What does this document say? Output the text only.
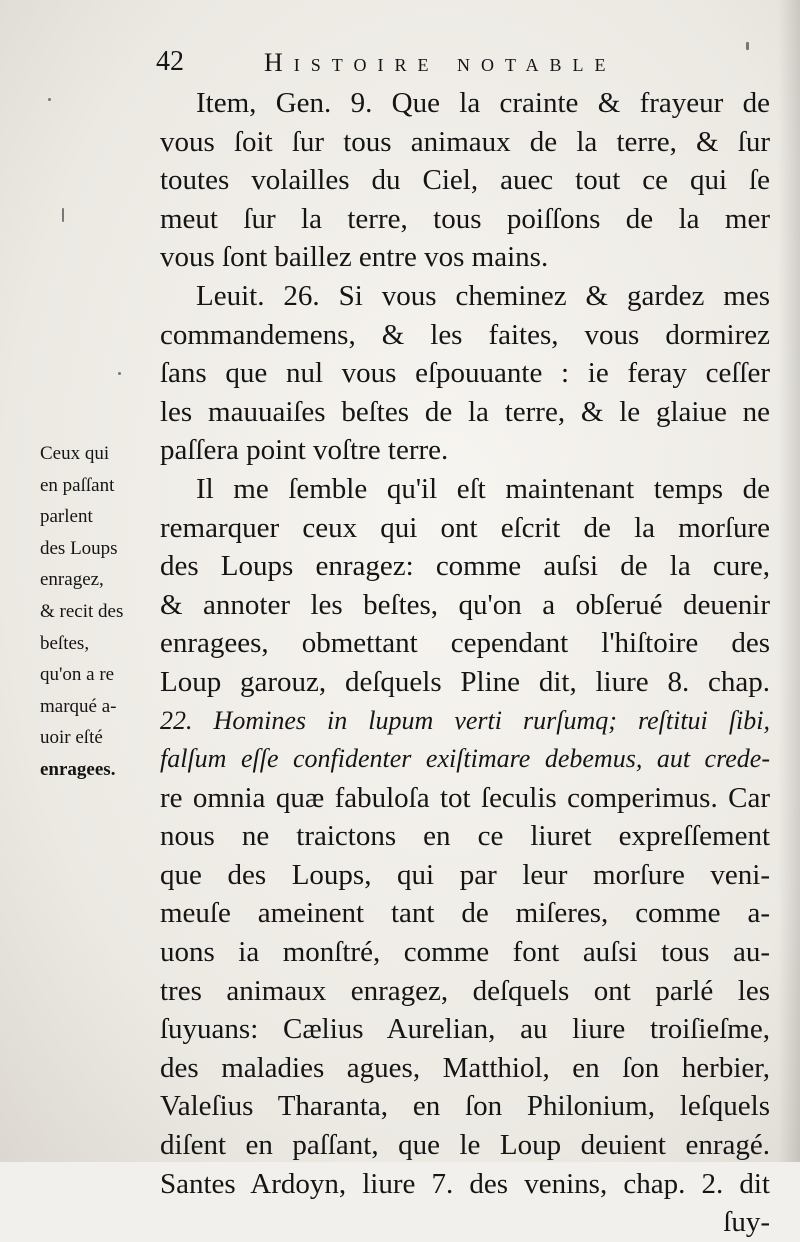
42	Histoire notable
Ceux qui
en paſſant
parlent
des Loups
enragez,
& recit des
beſtes,
qu'on a re
marqué a-
uoir eſté
enragees.
Item, Gen. 9. Que la crainte & frayeur de
vous ſoit ſur tous animaux de la terre, & ſur
toutes volailles du Ciel, auec tout ce qui ſe
meut ſur la terre, tous poiſſons de la mer
vous ſont baillez entre vos mains.
Leuit. 26. Si vous cheminez & gardez mes
commandemens, & les faites, vous dormirez
ſans que nul vous eſpouuante : ie feray ceſſer
les mauuaiſes beſtes de la terre, & le glaiue ne
paſſera point voſtre terre.
Il me ſemble qu'il eſt maintenant temps de
remarquer ceux qui ont eſcrit de la morſure
des Loups enragez: comme auſsi de la cure,
& annoter les beſtes, qu'on a obſerué deuenir
enragees, obmettant cependant l'hiſtoire des
Loup garouz, deſquels Pline dit, liure 8. chap.
22. Homines in lupum verti rurſumq; reſtitui ſibi,
falſum eſſe confidenter exiſtimare debemus, aut crede-
re omnia quæ fabuloſa tot ſeculis comperimus. Car
nous ne traictons en ce liuret expreſſement
que des Loups, qui par leur morſure veni-
meuſe ameinent tant de miſeres, comme a-
uons ia monſtré, comme font auſsi tous au-
tres animaux enragez, deſquels ont parlé les
ſuyuans: Cælius Aurelian, au liure troiſieſme,
des maladies agues, Matthiol, en ſon herbier,
Valeſius Tharanta, en ſon Philonium, leſquels
diſent en paſſant, que le Loup deuient enragé.
Santes Ardoyn, liure 7. des venins, chap. 2. dit
ſuy-
